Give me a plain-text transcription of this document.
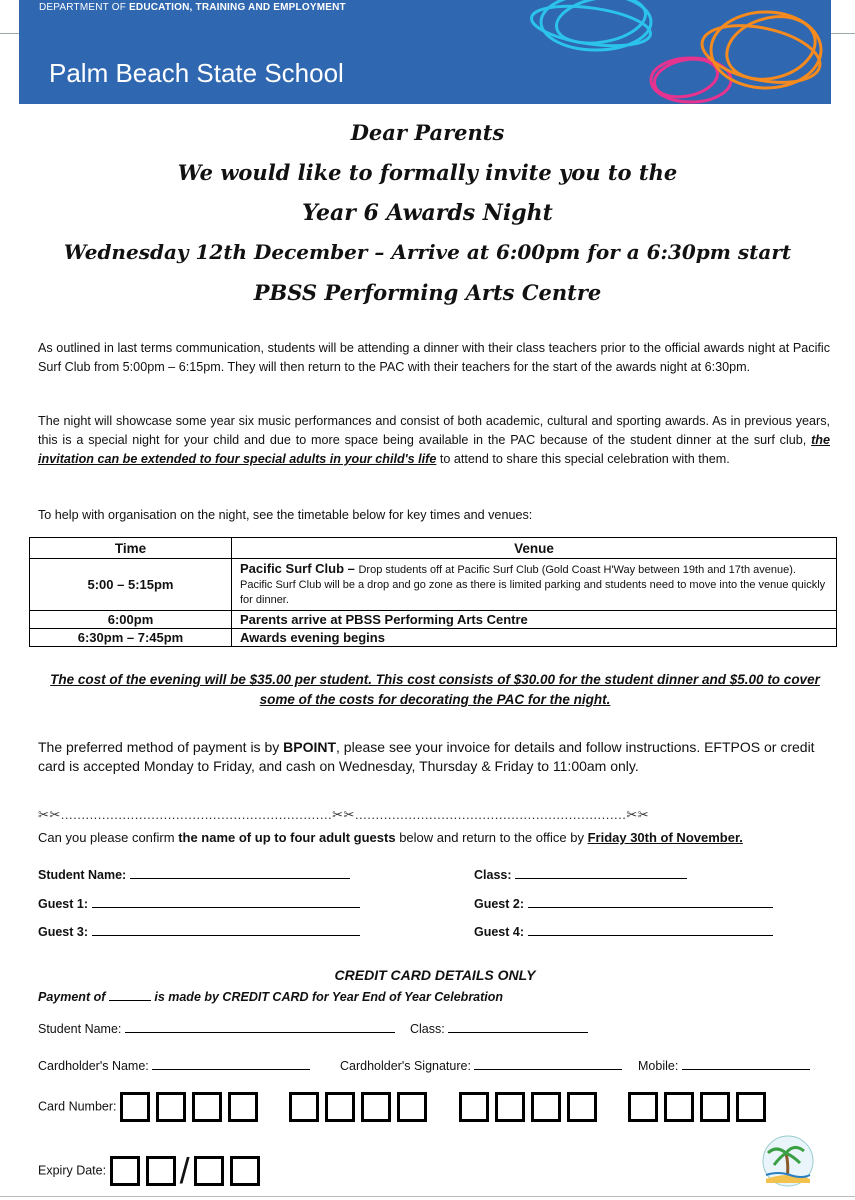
DEPARTMENT OF EDUCATION, TRAINING AND EMPLOYMENT
Palm Beach State School
Dear Parents
We would like to formally invite you to the
Year 6 Awards Night
Wednesday 12th December – Arrive at 6:00pm for a 6:30pm start
PBSS Performing Arts Centre
As outlined in last terms communication, students will be attending a dinner with their class teachers prior to the official awards night at Pacific Surf Club from 5:00pm – 6:15pm. They will then return to the PAC with their teachers for the start of the awards night at 6:30pm.
The night will showcase some year six music performances and consist of both academic, cultural and sporting awards. As in previous years, this is a special night for your child and due to more space being available in the PAC because of the student dinner at the surf club, the invitation can be extended to four special adults in your child's life to attend to share this special celebration with them.
To help with organisation on the night, see the timetable below for key times and venues:
Time	Venue
5:00 – 5:15pm	Pacific Surf Club – Drop students off at Pacific Surf Club (Gold Coast H'Way between 19th and 17th avenue). Pacific Surf Club will be a drop and go zone as there is limited parking and students need to move into the venue quickly for dinner.
6:00pm	Parents arrive at PBSS Performing Arts Centre
6:30pm – 7:45pm	Awards evening begins
The cost of the evening will be $35.00 per student. This cost consists of $30.00 for the student dinner and $5.00 to cover some of the costs for decorating the PAC for the night.
The preferred method of payment is by BPOINT, please see your invoice for details and follow instructions. EFTPOS or credit card is accepted Monday to Friday, and cash on Wednesday, Thursday & Friday to 11:00am only.
✂✂..................................................................✂✂..................................................................✂✂
Can you please confirm the name of up to four adult guests below and return to the office by Friday 30th of November.
Student Name:	Class:
Guest 1:	Guest 2:
Guest 3:	Guest 4:
CREDIT CARD DETAILS ONLY
Payment of	is made by CREDIT CARD for Year End of Year Celebration
Student Name:	Class:
Cardholder's Name:	Cardholder's Signature:	Mobile:
Card Number:
Expiry Date: /
